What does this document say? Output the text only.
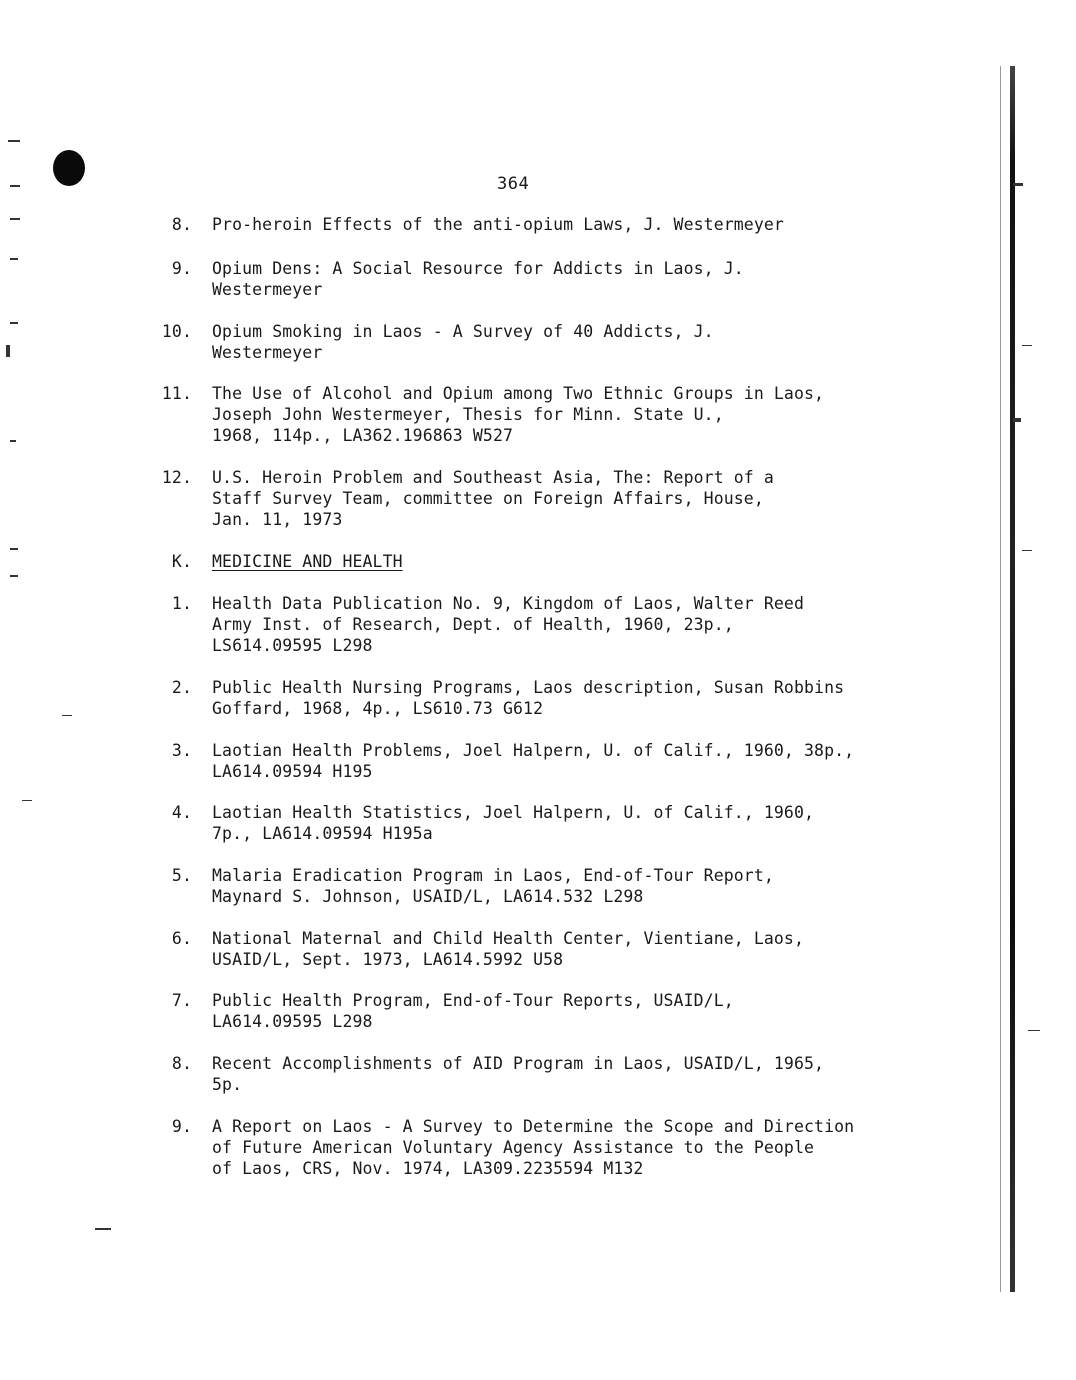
364
8. Pro-heroin Effects of the anti-opium Laws, J. Westermeyer
9. Opium Dens: A Social Resource for Addicts in Laos, J.
Westermeyer
10. Opium Smoking in Laos - A Survey of 40 Addicts, J.
Westermeyer
11. The Use of Alcohol and Opium among Two Ethnic Groups in Laos,
Joseph John Westermeyer, Thesis for Minn. State U.,
1968, 114p., LA362.196863 W527
12. U.S. Heroin Problem and Southeast Asia, The: Report of a
Staff Survey Team, committee on Foreign Affairs, House,
Jan. 11, 1973
K. MEDICINE AND HEALTH
1. Health Data Publication No. 9, Kingdom of Laos, Walter Reed
Army Inst. of Research, Dept. of Health, 1960, 23p.,
LS614.09595 L298
2. Public Health Nursing Programs, Laos description, Susan Robbins
Goffard, 1968, 4p., LS610.73 G612
3. Laotian Health Problems, Joel Halpern, U. of Calif., 1960, 38p.,
LA614.09594 H195
4. Laotian Health Statistics, Joel Halpern, U. of Calif., 1960,
7p., LA614.09594 H195a
5. Malaria Eradication Program in Laos, End-of-Tour Report,
Maynard S. Johnson, USAID/L, LA614.532 L298
6. National Maternal and Child Health Center, Vientiane, Laos,
USAID/L, Sept. 1973, LA614.5992 U58
7. Public Health Program, End-of-Tour Reports, USAID/L,
LA614.09595 L298
8. Recent Accomplishments of AID Program in Laos, USAID/L, 1965,
5p.
9. A Report on Laos - A Survey to Determine the Scope and Direction
of Future American Voluntary Agency Assistance to the People
of Laos, CRS, Nov. 1974, LA309.2235594 M132
